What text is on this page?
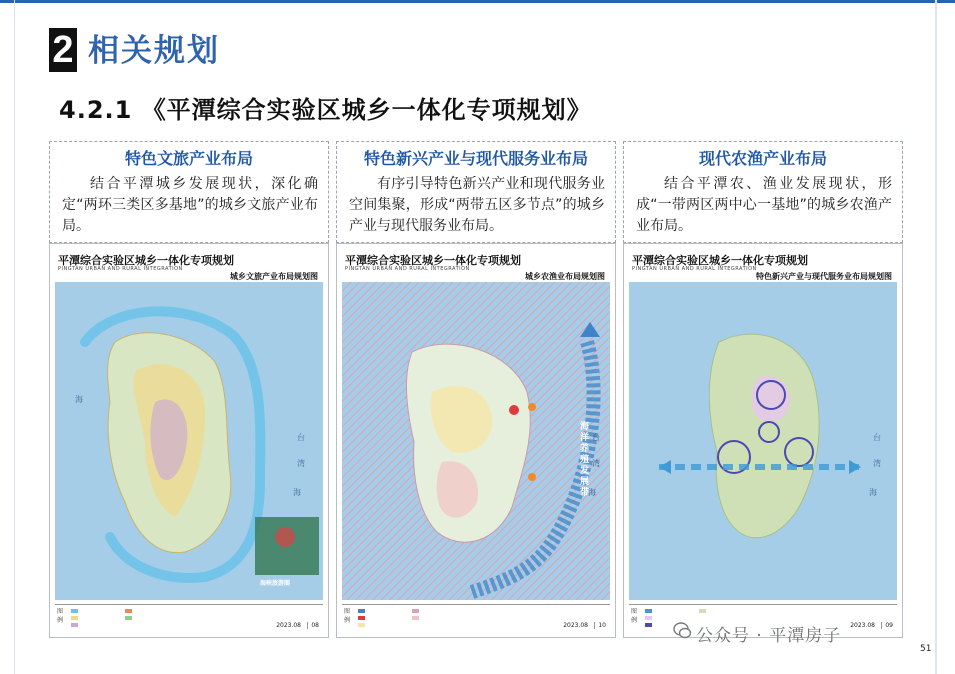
2 相关规划
4.2.1 《平潭综合实验区城乡一体化专项规划》
特色文旅产业布局
结合平潭城乡发展现状，深化确定“两环三类区多基地”的城乡文旅产业布局。
特色新兴产业与现代服务业布局
有序引导特色新兴产业和现代服务业空间集聚，形成“两带五区多节点”的城乡产业与现代服务业布局。
现代农渔产业布局
结合平潭农、渔业发展现状，形成“一带两区两中心一基地”的城乡农渔产业布局。
平潭综合实验区城乡一体化专项规划
PINGTAN URBAN AND RURAL INTEGRATION
城乡文旅产业布局规划图
海
台
湾
海
海峡旅游圈
图例
2023.08	08
平潭综合实验区城乡一体化专项规划
PINGTAN URBAN AND RURAL INTEGRATION
城乡农渔业布局规划图
海洋养殖发展带
台
湾
海
图例
2023.08	10
平潭综合实验区城乡一体化专项规划
PINGTAN URBAN AND RURAL INTEGRATION
特色新兴产业与现代服务业布局规划图
台
湾
海
图例
2023.08	09
公众号 · 平潭房子
51
